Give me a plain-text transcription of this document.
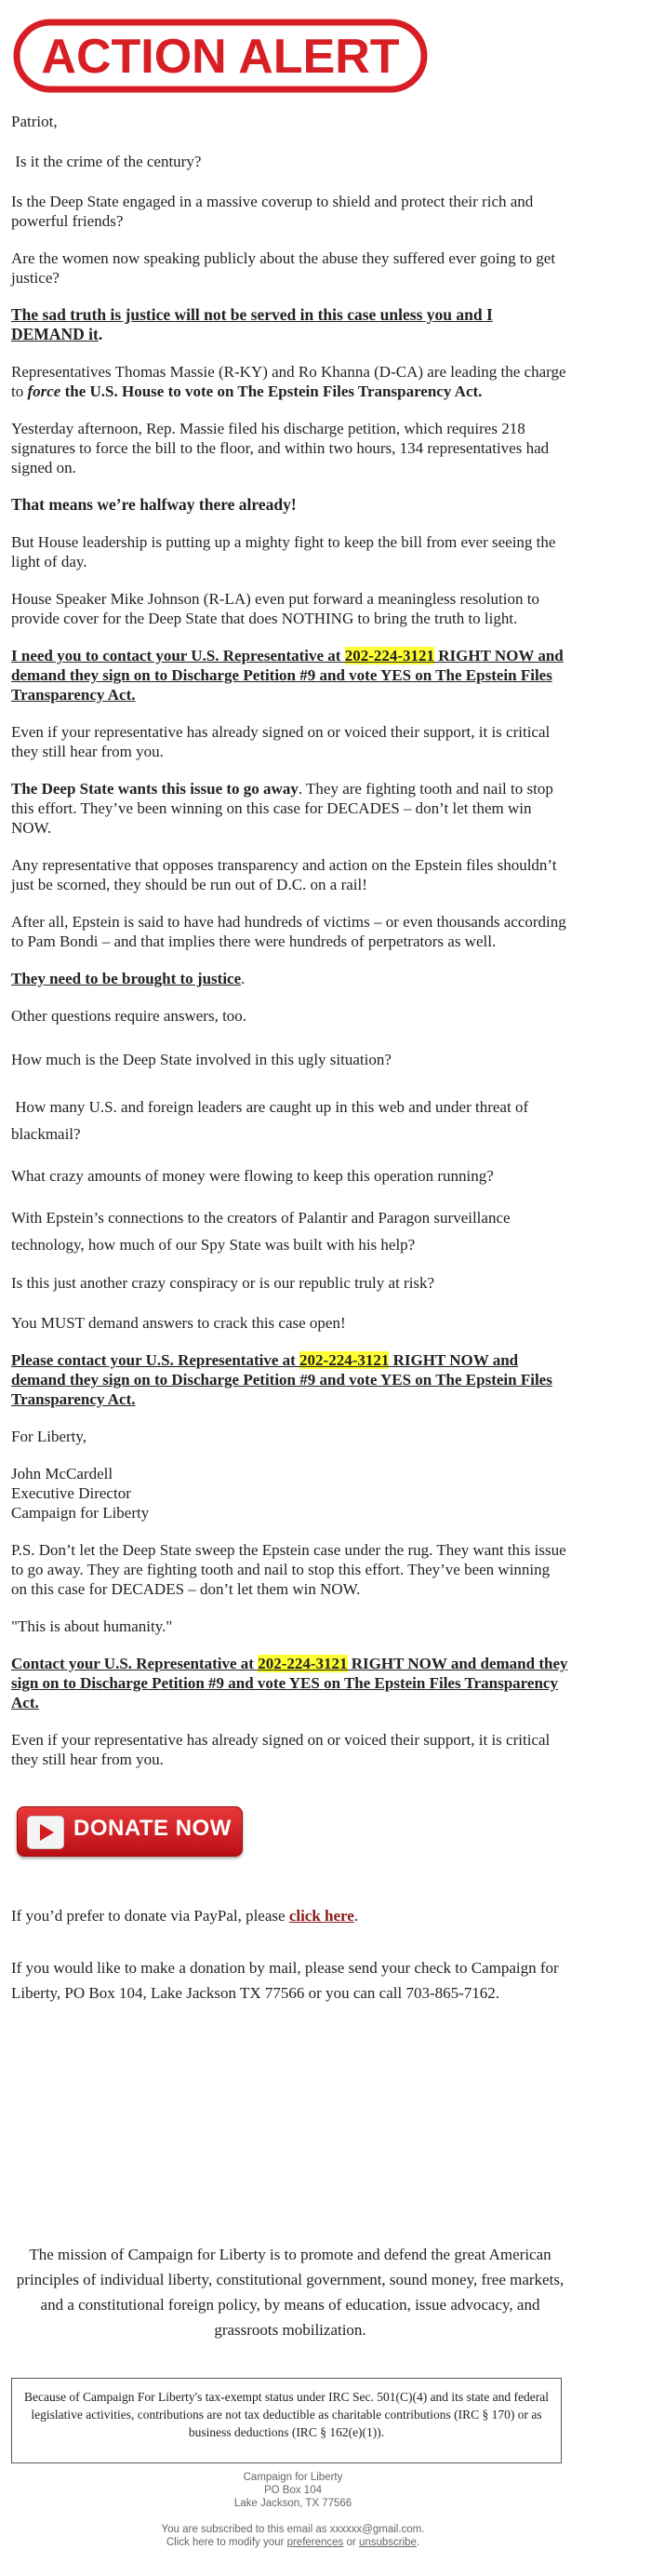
ACTION ALERT

Patriot,

Is it the crime of the century?

Is the Deep State engaged in a massive coverup to shield and protect their rich and powerful friends?

Are the women now speaking publicly about the abuse they suffered ever going to get justice?

The sad truth is justice will not be served in this case unless you and I DEMAND it.

Representatives Thomas Massie (R-KY) and Ro Khanna (D-CA) are leading the charge to force the U.S. House to vote on The Epstein Files Transparency Act.

Yesterday afternoon, Rep. Massie filed his discharge petition, which requires 218 signatures to force the bill to the floor, and within two hours, 134 representatives had signed on.

That means we’re halfway there already!

But House leadership is putting up a mighty fight to keep the bill from ever seeing the light of day.

House Speaker Mike Johnson (R-LA) even put forward a meaningless resolution to provide cover for the Deep State that does NOTHING to bring the truth to light.

I need you to contact your U.S. Representative at 202-224-3121 RIGHT NOW and demand they sign on to Discharge Petition #9 and vote YES on The Epstein Files Transparency Act.

Even if your representative has already signed on or voiced their support, it is critical they still hear from you.

The Deep State wants this issue to go away. They are fighting tooth and nail to stop this effort. They’ve been winning on this case for DECADES – don’t let them win NOW.

Any representative that opposes transparency and action on the Epstein files shouldn’t just be scorned, they should be run out of D.C. on a rail!

After all, Epstein is said to have had hundreds of victims – or even thousands according to Pam Bondi – and that implies there were hundreds of perpetrators as well.

They need to be brought to justice.

Other questions require answers, too.

How much is the Deep State involved in this ugly situation?

How many U.S. and foreign leaders are caught up in this web and under threat of blackmail?

What crazy amounts of money were flowing to keep this operation running?

With Epstein’s connections to the creators of Palantir and Paragon surveillance technology, how much of our Spy State was built with his help?

Is this just another crazy conspiracy or is our republic truly at risk?

You MUST demand answers to crack this case open!

Please contact your U.S. Representative at 202-224-3121 RIGHT NOW and demand they sign on to Discharge Petition #9 and vote YES on The Epstein Files Transparency Act.

For Liberty,

John McCardell
Executive Director
Campaign for Liberty

P.S. Don’t let the Deep State sweep the Epstein case under the rug. They want this issue to go away. They are fighting tooth and nail to stop this effort. They’ve been winning on this case for DECADES – don’t let them win NOW.

"This is about humanity."

Contact your U.S. Representative at 202-224-3121 RIGHT NOW and demand they sign on to Discharge Petition #9 and vote YES on The Epstein Files Transparency Act.

Even if your representative has already signed on or voiced their support, it is critical they still hear from you.

DONATE NOW

If you’d prefer to donate via PayPal, please click here.

If you would like to make a donation by mail, please send your check to Campaign for Liberty, PO Box 104, Lake Jackson TX 77566 or you can call 703-865-7162.

The mission of Campaign for Liberty is to promote and defend the great American principles of individual liberty, constitutional government, sound money, free markets, and a constitutional foreign policy, by means of education, issue advocacy, and grassroots mobilization.

Because of Campaign For Liberty's tax-exempt status under IRC Sec. 501(C)(4) and its state and federal legislative activities, contributions are not tax deductible as charitable contributions (IRC § 170) or as business deductions (IRC § 162(e)(1)).
Campaign for Liberty
PO Box 104
Lake Jackson, TX 77566
You are subscribed to this email as xxxxxx@gmail.com.
Click here to modify your preferences or unsubscribe.
